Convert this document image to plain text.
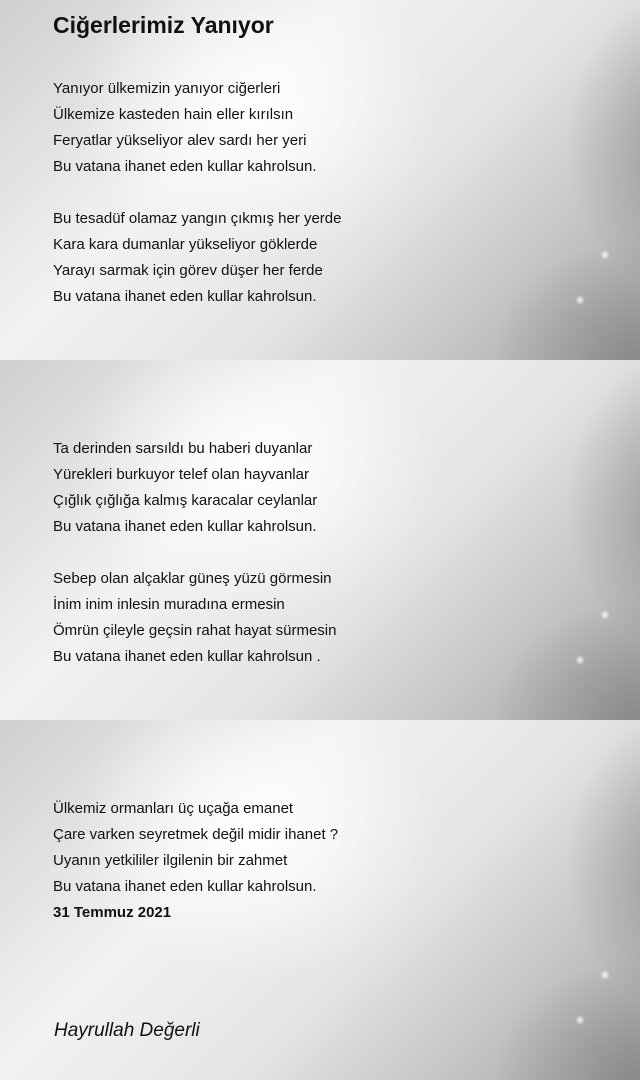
Ciğerlerimiz Yanıyor
Yanıyor ülkemizin yanıyor ciğerleri
Ülkemize kasteden hain eller kırılsın
Feryatlar yükseliyor alev sardı her yeri
Bu vatana ihanet eden kullar kahrolsun.
Bu tesadüf olamaz yangın çıkmış her yerde
Kara kara dumanlar yükseliyor göklerde
Yarayı sarmak için görev düşer her ferde
Bu vatana ihanet eden kullar kahrolsun.
Ta derinden sarsıldı bu haberi duyanlar
Yürekleri burkuyor telef olan hayvanlar
Çığlık çığlığa kalmış karacalar ceylanlar
Bu vatana ihanet eden kullar kahrolsun.
Sebep olan alçaklar güneş yüzü görmesin
İnim inim inlesin muradına ermesin
Ömrün çileyle geçsin rahat hayat sürmesin
Bu vatana ihanet eden kullar kahrolsun .
Ülkemiz ormanları üç uçağa emanet
Çare varken seyretmek değil midir ihanet ?
Uyanın yetkililer ilgilenin bir zahmet
Bu vatana ihanet eden kullar kahrolsun.
31 Temmuz 2021
Hayrullah Değerli
